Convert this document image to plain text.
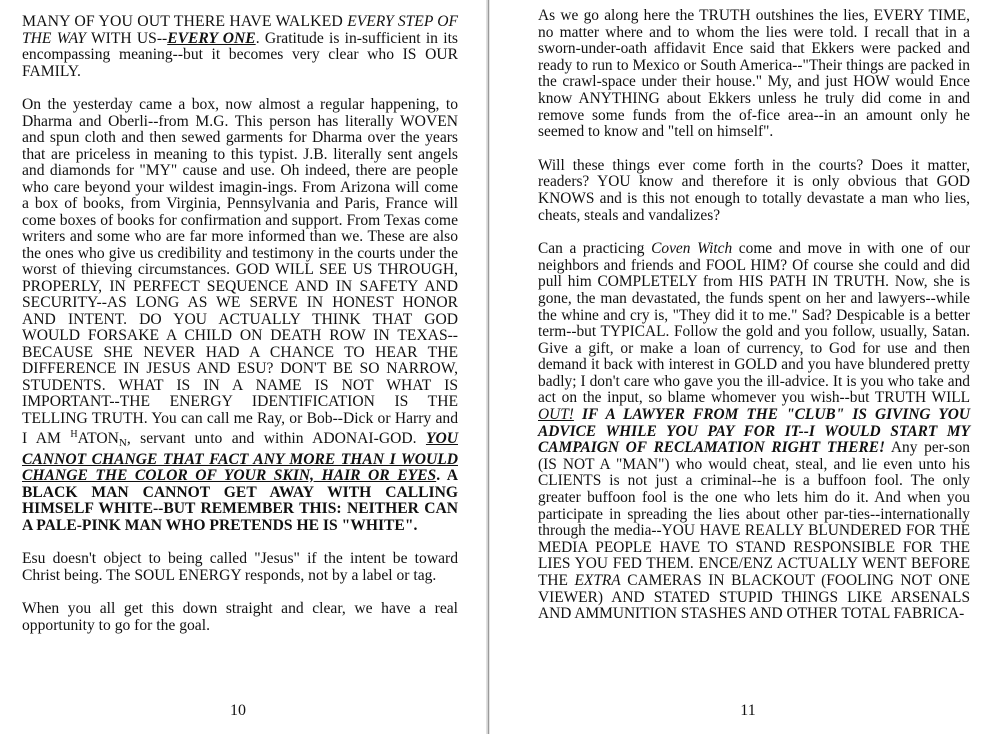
MANY OF YOU OUT THERE HAVE WALKED EVERY STEP OF THE WAY WITH US--EVERY ONE. Gratitude is in-sufficient in its encompassing meaning--but it becomes very clear who IS OUR FAMILY.

On the yesterday came a box, now almost a regular happening, to Dharma and Oberli--from M.G. This person has literally WOVEN and spun cloth and then sewed garments for Dharma over the years that are priceless in meaning to this typist. J.B. literally sent angels and diamonds for "MY" cause and use. Oh indeed, there are people who care beyond your wildest imagin-ings. From Arizona will come a box of books, from Virginia, Pennsylvania and Paris, France will come boxes of books for confirmation and support. From Texas come writers and some who are far more informed than we. These are also the ones who give us credibility and testimony in the courts under the worst of thieving circumstances. GOD WILL SEE US THROUGH, PROPERLY, IN PERFECT SEQUENCE AND IN SAFETY AND SECURITY--AS LONG AS WE SERVE IN HONEST HONOR AND INTENT. DO YOU ACTUALLY THINK THAT GOD WOULD FORSAKE A CHILD ON DEATH ROW IN TEXAS--BECAUSE SHE NEVER HAD A CHANCE TO HEAR THE DIFFERENCE IN JESUS AND ESU? DON'T BE SO NARROW, STUDENTS. WHAT IS IN A NAME IS NOT WHAT IS IMPORTANT--THE ENERGY IDENTIFICATION IS THE TELLING TRUTH. You can call me Ray, or Bob--Dick or Harry and I AM $^HATON_N$, servant unto and within ADONAI-GOD. YOU CANNOT CHANGE THAT FACT ANY MORE THAN I WOULD CHANGE THE COLOR OF YOUR SKIN, HAIR OR EYES. A BLACK MAN CANNOT GET AWAY WITH CALLING HIMSELF WHITE--BUT REMEMBER THIS: NEITHER CAN A PALE-PINK MAN WHO PRETENDS HE IS "WHITE".

Esu doesn't object to being called "Jesus" if the intent be toward Christ being. The SOUL ENERGY responds, not by a label or tag.

When you all get this down straight and clear, we have a real opportunity to go for the goal.

10

As we go along here the TRUTH outshines the lies, EVERY TIME, no matter where and to whom the lies were told. I recall that in a sworn-under-oath affidavit Ence said that Ekkers were packed and ready to run to Mexico or South America--"Their things are packed in the crawl-space under their house." My, and just HOW would Ence know ANYTHING about Ekkers unless he truly did come in and remove some funds from the of-fice area--in an amount only he seemed to know and "tell on himself".

Will these things ever come forth in the courts? Does it matter, readers? YOU know and therefore it is only obvious that GOD KNOWS and is this not enough to totally devastate a man who lies, cheats, steals and vandalizes?

Can a practicing Coven Witch come and move in with one of our neighbors and friends and FOOL HIM? Of course she could and did pull him COMPLETELY from HIS PATH IN TRUTH. Now, she is gone, the man devastated, the funds spent on her and lawyers--while the whine and cry is, "They did it to me." Sad? Despicable is a better term--but TYPICAL. Follow the gold and you follow, usually, Satan. Give a gift, or make a loan of currency, to God for use and then demand it back with interest in GOLD and you have blundered pretty badly; I don't care who gave you the ill-advice. It is you who take and act on the input, so blame whomever you wish--but TRUTH WILL OUT! IF A LAWYER FROM THE "CLUB" IS GIVING YOU ADVICE WHILE YOU PAY FOR IT--I WOULD START MY CAMPAIGN OF RECLAMATION RIGHT THERE! Any per-son (IS NOT A "MAN") who would cheat, steal, and lie even unto his CLIENTS is not just a criminal--he is a buffoon fool. The only greater buffoon fool is the one who lets him do it. And when you participate in spreading the lies about other par-ties--internationally through the media--YOU HAVE REALLY BLUNDERED FOR THE MEDIA PEOPLE HAVE TO STAND RESPONSIBLE FOR THE LIES YOU FED THEM. ENCE/ENZ ACTUALLY WENT BEFORE THE EXTRA CAMERAS IN BLACKOUT (FOOLING NOT ONE VIEWER) AND STATED STUPID THINGS LIKE ARSENALS AND AMMUNITION STASHES AND OTHER TOTAL FABRICA-

11
